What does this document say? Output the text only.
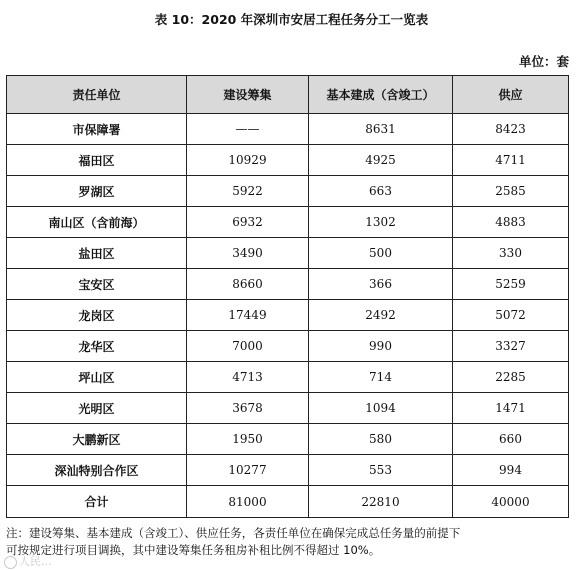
表 10：2020 年深圳市安居工程任务分工一览表
单位：套
责任单位	建设筹集	基本建成（含竣工）	供应
市保障署	——	8631	8423
福田区	10929	4925	4711
罗湖区	5922	663	2585
南山区（含前海）	6932	1302	4883
盐田区	3490	500	330
宝安区	8660	366	5259
龙岗区	17449	2492	5072
龙华区	7000	990	3327
坪山区	4713	714	2285
光明区	3678	1094	1471
大鹏新区	1950	580	660
深汕特别合作区	10277	553	994
合计	81000	22810	40000
注：建设筹集、基本建成（含竣工）、供应任务，各责任单位在确保完成总任务量的前提下
可按规定进行项目调换，其中建设筹集任务租房补租比例不得超过 10%。
人民...
